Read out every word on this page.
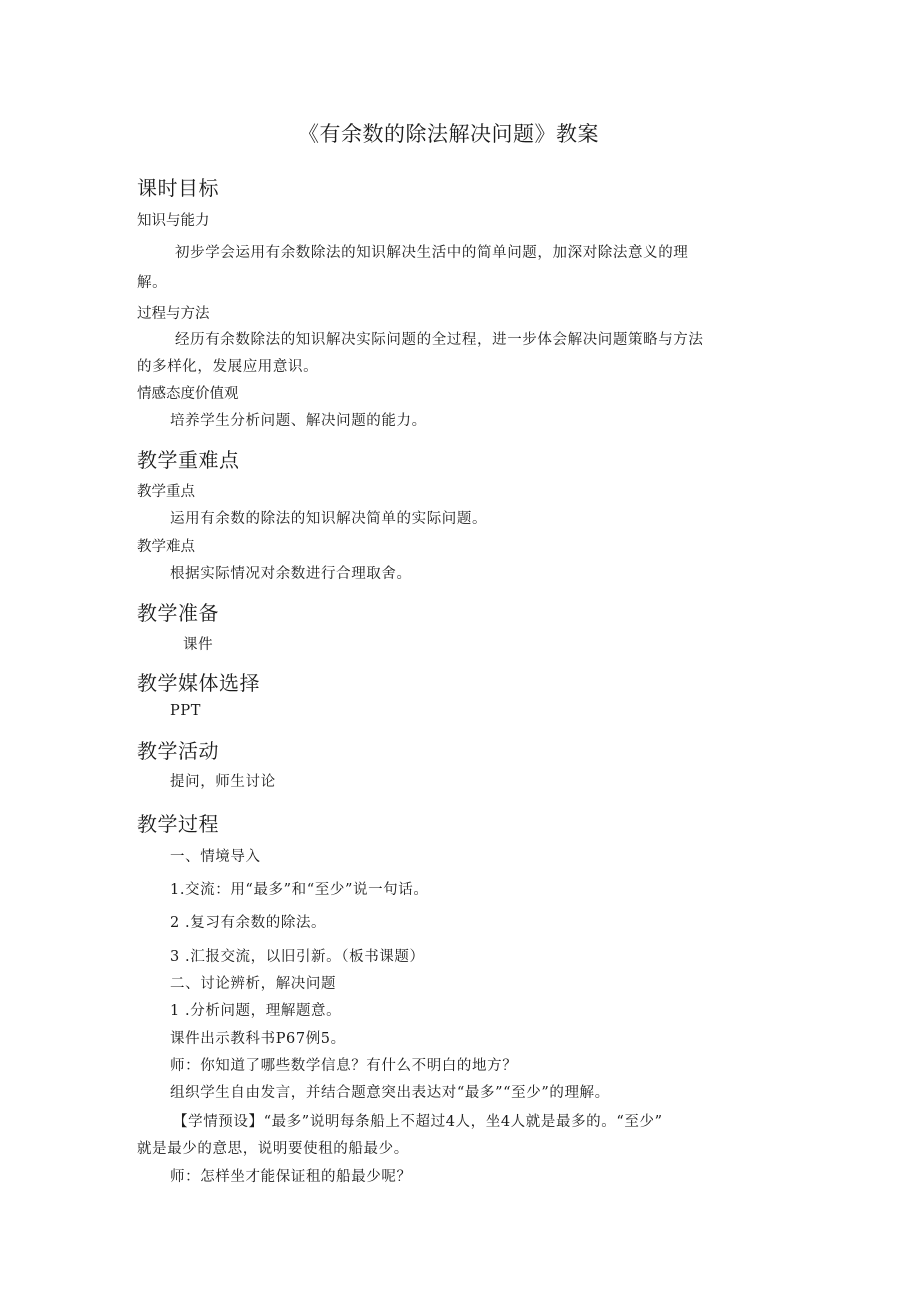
《有余数的除法解决问题》教案
课时目标
知识与能力

初步学会运用有余数除法的知识解决生活中的简单问题，加深对除法意义的理

解。

过程与方法

经历有余数除法的知识解决实际问题的全过程，进一步体会解决问题策略与方法

的多样化，发展应用意识。

情感态度价值观

培养学生分析问题、解决问题的能力。

教学重难点
教学重点

运用有余数的除法的知识解决简单的实际问题。

教学难点

根据实际情况对余数进行合理取舍。

教学准备

课件

教学媒体选择

PPT

教学活动

提问，师生讨论

教学过程

一、情境导入

1.交流：用“最多”和“至少”说一句话。

2 .复习有余数的除法。

3 .汇报交流，以旧引新。（板书课题）

二、讨论辨析，解决问题

1 .分析问题，理解题意。

课件出示教科书P67例5。

师：你知道了哪些数学信息？有什么不明白的地方？

组织学生自由发言，并结合题意突出表达对“最多”“至少”的理解。

【学情预设】“最多”说明每条船上不超过4人，坐4人就是最多的。“至少”

就是最少的意思，说明要使租的船最少。

师：怎样坐才能保证租的船最少呢？
